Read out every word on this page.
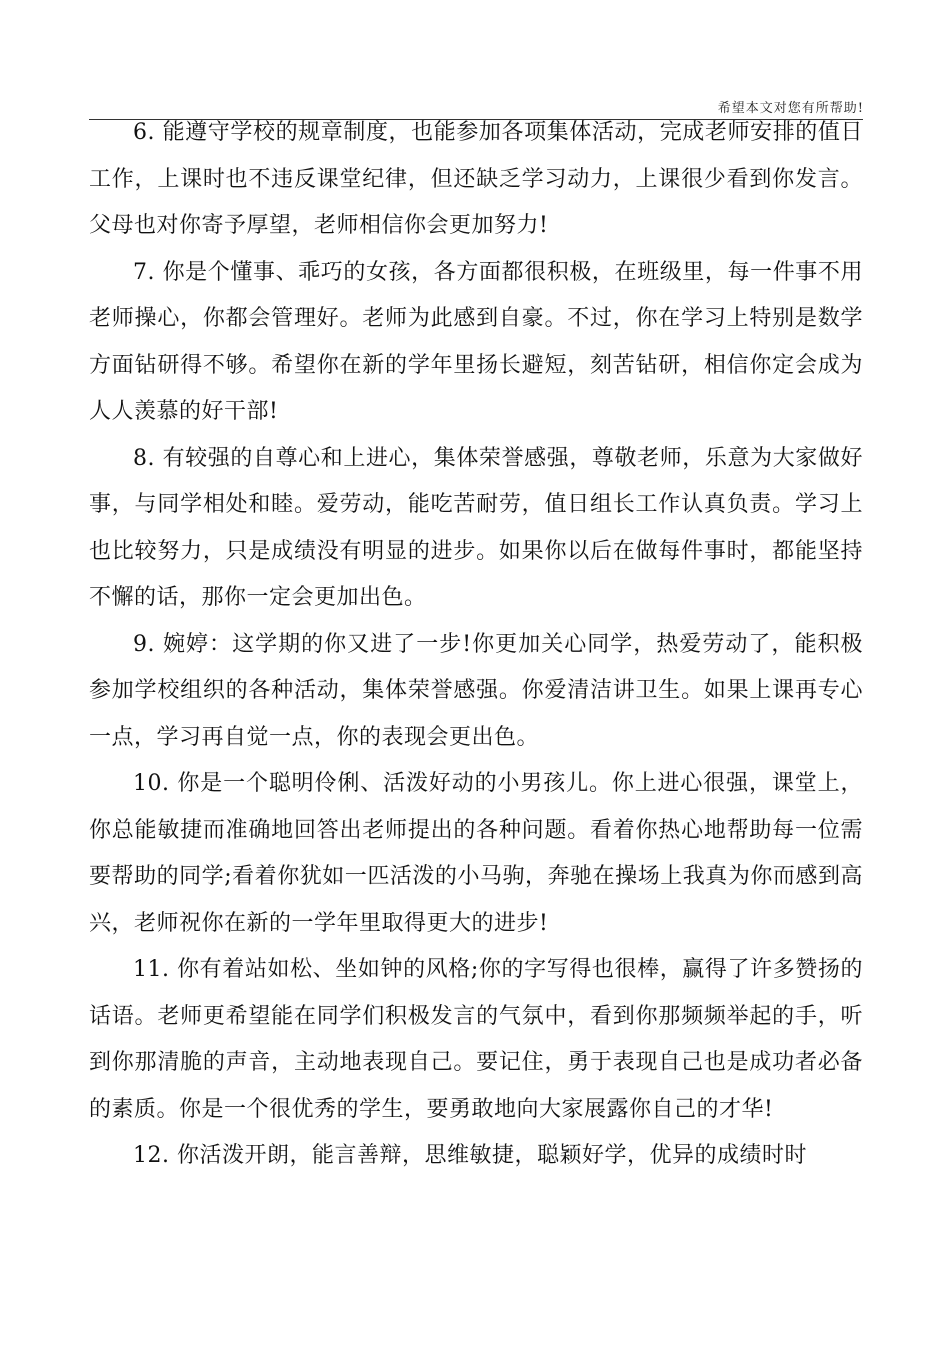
希望本文对您有所帮助!

6. 能遵守学校的规章制度，也能参加各项集体活动，完成老师安排的值日工作，上课时也不违反课堂纪律，但还缺乏学习动力，上课很少看到你发言。父母也对你寄予厚望，老师相信你会更加努力!

7. 你是个懂事、乖巧的女孩，各方面都很积极，在班级里，每一件事不用老师操心，你都会管理好。老师为此感到自豪。不过，你在学习上特别是数学方面钻研得不够。希望你在新的学年里扬长避短，刻苦钻研，相信你定会成为人人羡慕的好干部!

8. 有较强的自尊心和上进心，集体荣誉感强，尊敬老师，乐意为大家做好事，与同学相处和睦。爱劳动，能吃苦耐劳，值日组长工作认真负责。学习上也比较努力，只是成绩没有明显的进步。如果你以后在做每件事时，都能坚持不懈的话，那你一定会更加出色。

9. 婉婷：这学期的你又进了一步!你更加关心同学，热爱劳动了，能积极参加学校组织的各种活动，集体荣誉感强。你爱清洁讲卫生。如果上课再专心一点，学习再自觉一点，你的表现会更出色。

10. 你是一个聪明伶俐、活泼好动的小男孩儿。你上进心很强，课堂上，你总能敏捷而准确地回答出老师提出的各种问题。看着你热心地帮助每一位需要帮助的同学;看着你犹如一匹活泼的小马驹，奔驰在操场上我真为你而感到高兴，老师祝你在新的一学年里取得更大的进步!

11. 你有着站如松、坐如钟的风格;你的字写得也很棒，赢得了许多赞扬的话语。老师更希望能在同学们积极发言的气氛中，看到你那频频举起的手，听到你那清脆的声音，主动地表现自己。要记住，勇于表现自己也是成功者必备的素质。你是一个很优秀的学生，要勇敢地向大家展露你自己的才华!

12. 你活泼开朗，能言善辩，思维敏捷，聪颖好学，优异的成绩时时
